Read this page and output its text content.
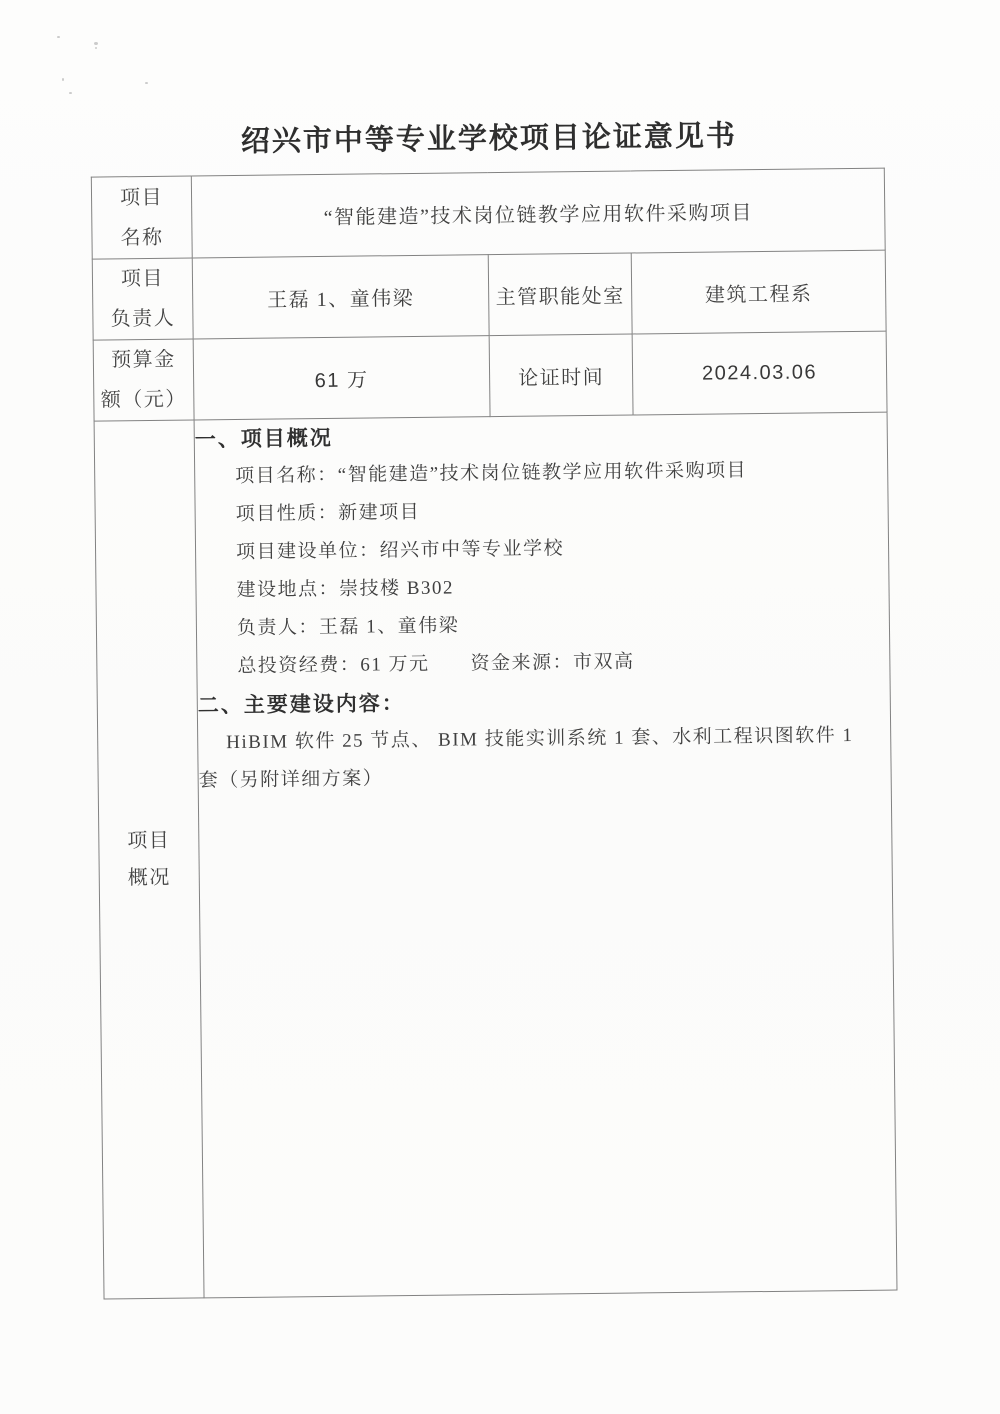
绍兴市中等专业学校项目论证意见书
项目
名称	“智能建造”技术岗位链教学应用软件采购项目		

项目
负责人	王磊 1、童伟梁	主管职能处室	建筑工程系

预算金
额（元）	61 万	论证时间	2024.03.06

项目
概况

一、项目概况
项目名称：“智能建造”技术岗位链教学应用软件采购项目
项目性质：新建项目
项目建设单位：绍兴市中等专业学校
建设地点：崇技楼 B302
负责人：王磊 1、童伟梁
总投资经费：61 万元　　资金来源：市双高
二、主要建设内容：
HiBIM 软件 25 节点、 BIM 技能实训系统 1 套、水利工程识图软件 1
套（另附详细方案）
